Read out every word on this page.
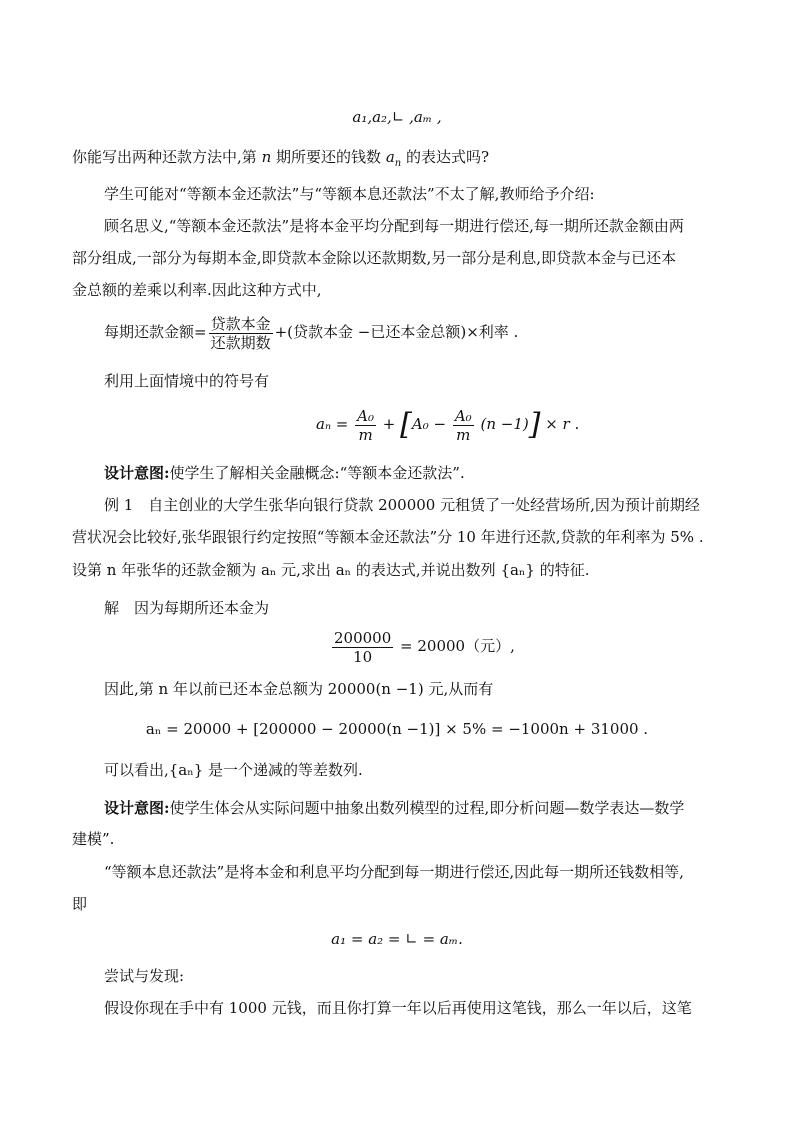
a₁,a₂,∟ ,aₘ ,
你能写出两种还款方法中,第 n 期所要还的钱数 $a_n$ 的表达式吗?
学生可能对“等额本金还款法”与“等额本息还款法”不太了解,教师给予介绍:
顾名思义,“等额本金还款法”是将本金平均分配到每一期进行偿还,每一期所还款金额由两
部分组成,一部分为每期本金,即贷款本金除以还款期数,另一部分是利息,即贷款本金与已还本
金总额的差乘以利率.因此这种方式中,
每期还款金额= $\frac{\text{贷款本金}}{\text{还款期数}}$ +(贷款本金 −已还本金总额)×利率 .
利用上面情境中的符号有
$a_n = \frac{\text{A₀}}{m} + [A_0 - \frac{\text{A₀}}{m} (n -1)] \times r$ .
设计意图:使学生了解相关金融概念:“等额本金还款法”.
例 1　自主创业的大学生张华向银行贷款 200000 元租赁了一处经营场所,因为预计前期经
营状况会比较好,张华跟银行约定按照“等额本金还款法”分 10 年进行还款,贷款的年利率为 5% .
设第 n 年张华的还款金额为 aₙ 元,求出 aₙ 的表达式,并说出数列 {aₙ} 的特征.
解　因为每期所还本金为
$\frac{200000}{10} = 20000$（元）,
因此,第 n 年以前已还本金总额为 20000(n −1) 元,从而有
aₙ = 20000 + [200000 − 20000(n −1)] × 5% = −1000n + 31000 .
可以看出,{aₙ} 是一个递减的等差数列.
设计意图:使学生体会从实际问题中抽象出数列模型的过程,即分析问题—数学表达—数学
建模”.
“等额本息还款法”是将本金和利息平均分配到每一期进行偿还,因此每一期所还钱数相等,
即
a₁ = a₂ = ∟ = aₘ.
尝试与发现:
假设你现在手中有 1000 元钱，而且你打算一年以后再使用这笔钱，那么一年以后，这笔
